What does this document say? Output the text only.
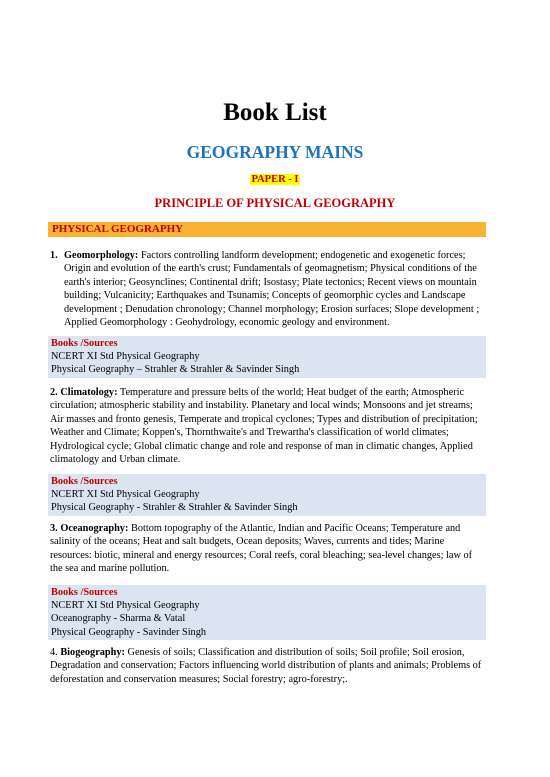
Book List
GEOGRAPHY MAINS
PAPER - I
PRINCIPLE OF PHYSICAL GEOGRAPHY
PHYSICAL GEOGRAPHY
1. Geomorphology: Factors controlling landform development; endogenetic and exogenetic forces; Origin and evolution of the earth's crust; Fundamentals of geomagnetism; Physical conditions of the earth's interior; Geosynclines; Continental drift; Isostasy; Plate tectonics; Recent views on mountain building; Vulcanicity; Earthquakes and Tsunamis; Concepts of geomorphic cycles and Landscape development ; Denudation chronology; Channel morphology; Erosion surfaces; Slope development ; Applied Geomorphology : Geohydrology, economic geology and environment.
Books /Sources
NCERT XI Std Physical Geography
Physical Geography – Strahler & Strahler & Savinder Singh
2. Climatology: Temperature and pressure belts of the world; Heat budget of the earth; Atmospheric circulation; atmospheric stability and instability. Planetary and local winds; Monsoons and jet streams; Air masses and fronto genesis, Temperate and tropical cyclones; Types and distribution of precipitation; Weather and Climate; Koppen's, Thornthwaite's and Trewartha's classification of world climates; Hydrological cycle; Global climatic change and role and response of man in climatic changes, Applied climatology and Urban climate.
Books /Sources
NCERT XI Std Physical Geography
Physical Geography - Strahler & Strahler & Savinder Singh
3. Oceanography: Bottom topography of the Atlantic, Indian and Pacific Oceans; Temperature and salinity of the oceans; Heat and salt budgets, Ocean deposits; Waves, currents and tides; Marine resources: biotic, mineral and energy resources; Coral reefs, coral bleaching; sea-level changes; law of the sea and marine pollution.
Books /Sources
NCERT XI Std Physical Geography
Oceanography - Sharma & Vatal
Physical Geography - Savinder Singh
4. Biogeography: Genesis of soils; Classification and distribution of soils; Soil profile; Soil erosion, Degradation and conservation; Factors influencing world distribution of plants and animals; Problems of deforestation and conservation measures; Social forestry; agro-forestry;.
